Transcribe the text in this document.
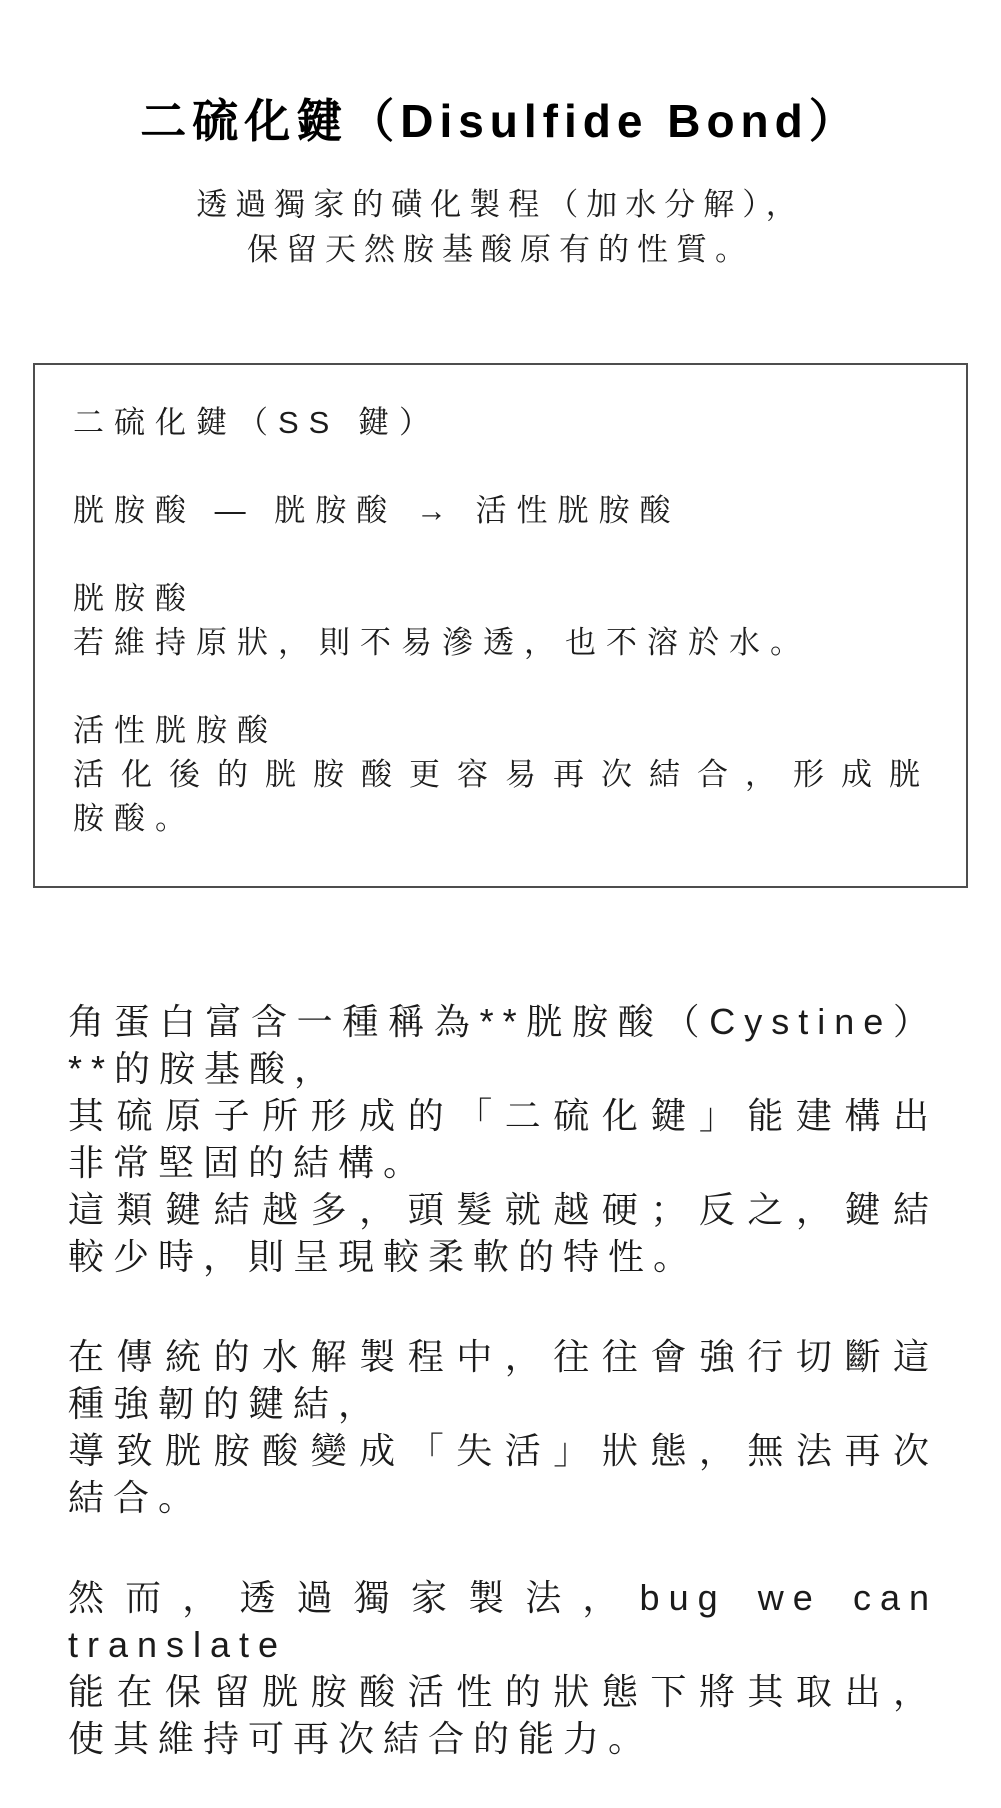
二硫化鍵（Disulfide Bond）
透過獨家的磺化製程（加水分解），
保留天然胺基酸原有的性質。
二硫化鍵（SS 鍵）
胱胺酸 — 胱胺酸 → 活性胱胺酸
胱胺酸
若維持原狀，則不易滲透，也不溶於水。
活性胱胺酸
活化後的胱胺酸更容易再次結合，形成胱
胺酸。
角蛋白富含一種稱為**胱胺酸（Cystine）
**的胺基酸，
其硫原子所形成的「二硫化鍵」能建構出
非常堅固的結構。
這類鍵結越多，頭髮就越硬；反之，鍵結
較少時，則呈現較柔軟的特性。
在傳統的水解製程中，往往會強行切斷這
種強韌的鍵結，
導致胱胺酸變成「失活」狀態，無法再次
結合。
然而，透過獨家製法，bug we can
translate
能在保留胱胺酸活性的狀態下將其取出，
使其維持可再次結合的能力。
